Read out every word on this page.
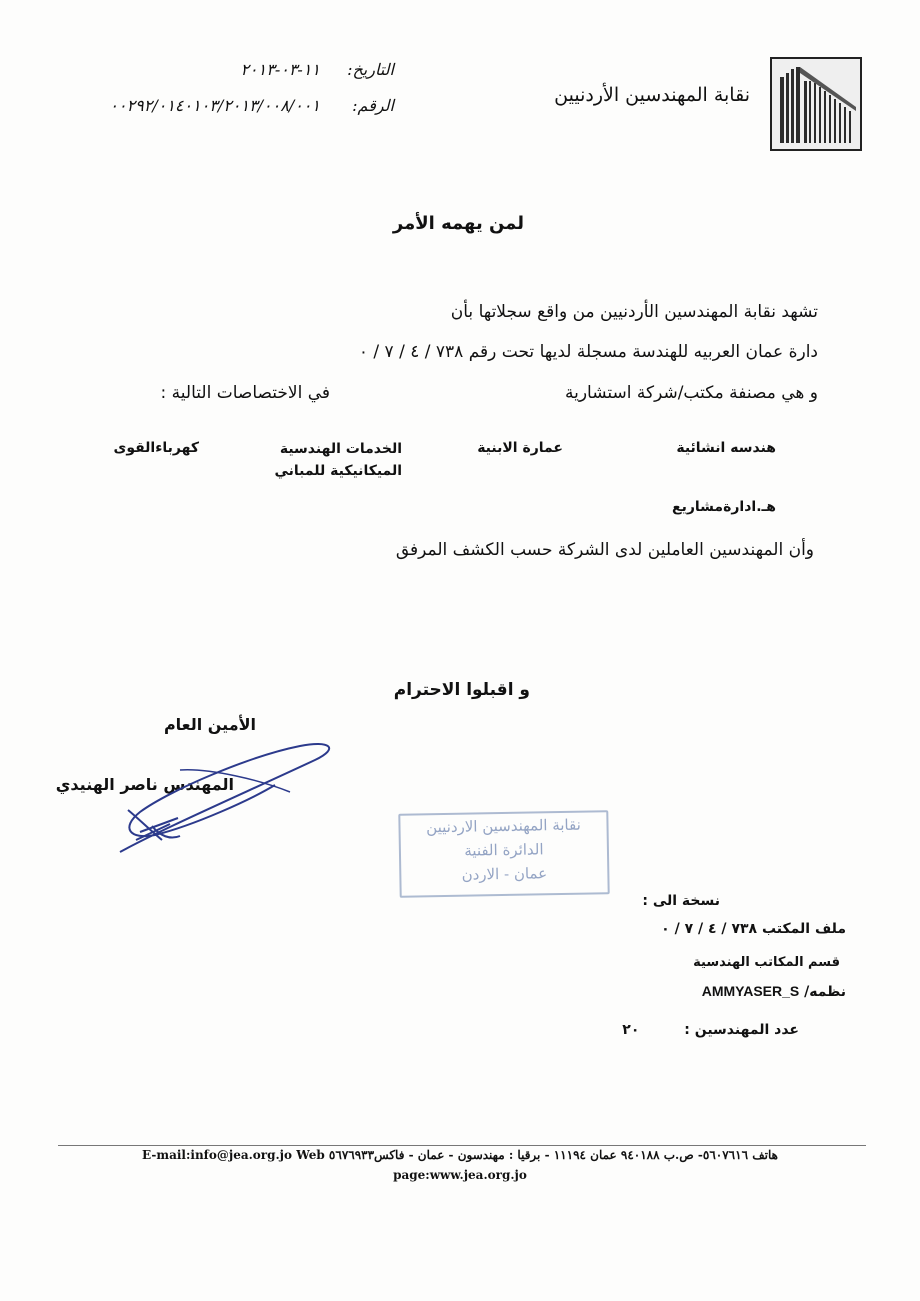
نقابة المهندسين الأردنيين
التاريخ:
١١-٠٣-٢٠١٣
الرقم:
٠٠٢٩٢/٠١٤٠١٠٣/٢٠١٣/٠٠٨/٠٠١
لمن يهمه الأمر
تشهد نقابة المهندسين الأردنيين من واقع سجلاتها بأن
دارة عمان العربيه للهندسة مسجلة لديها تحت رقم ٧٣٨ / ٤ / ٧ / ٠
و هي مصنفة مكتب/شركة استشارية
في الاختصاصات التالية :
هندسه انشائية
عمارة الابنية
الخدمات الهندسية الميكانيكية للمباني
كهرباءالقوى
هـ.ادارةمشاريع
وأن المهندسين العاملين لدى الشركة حسب الكشف المرفق
و اقبلوا الاحترام
الأمين العام
المهندس ناصر الهنيدي
نقابة المهندسين الاردنيين
الدائرة الفنية
عمان - الاردن
نسخة الى :
ملف المكتب ٧٣٨ / ٤ / ٧ / ٠
قسم المكاتب الهندسية
نظمه/ AMMYASER_S
عدد المهندسين : ٢٠
هاتف ٥٦٠٧٦١٦- ص.ب ٩٤٠١٨٨ عمان ١١١٩٤ - برقيا : مهندسون - عمان - فاكس٥٦٧٦٩٣٣ E-mail:info@jea.org.jo Web
page:www.jea.org.jo
